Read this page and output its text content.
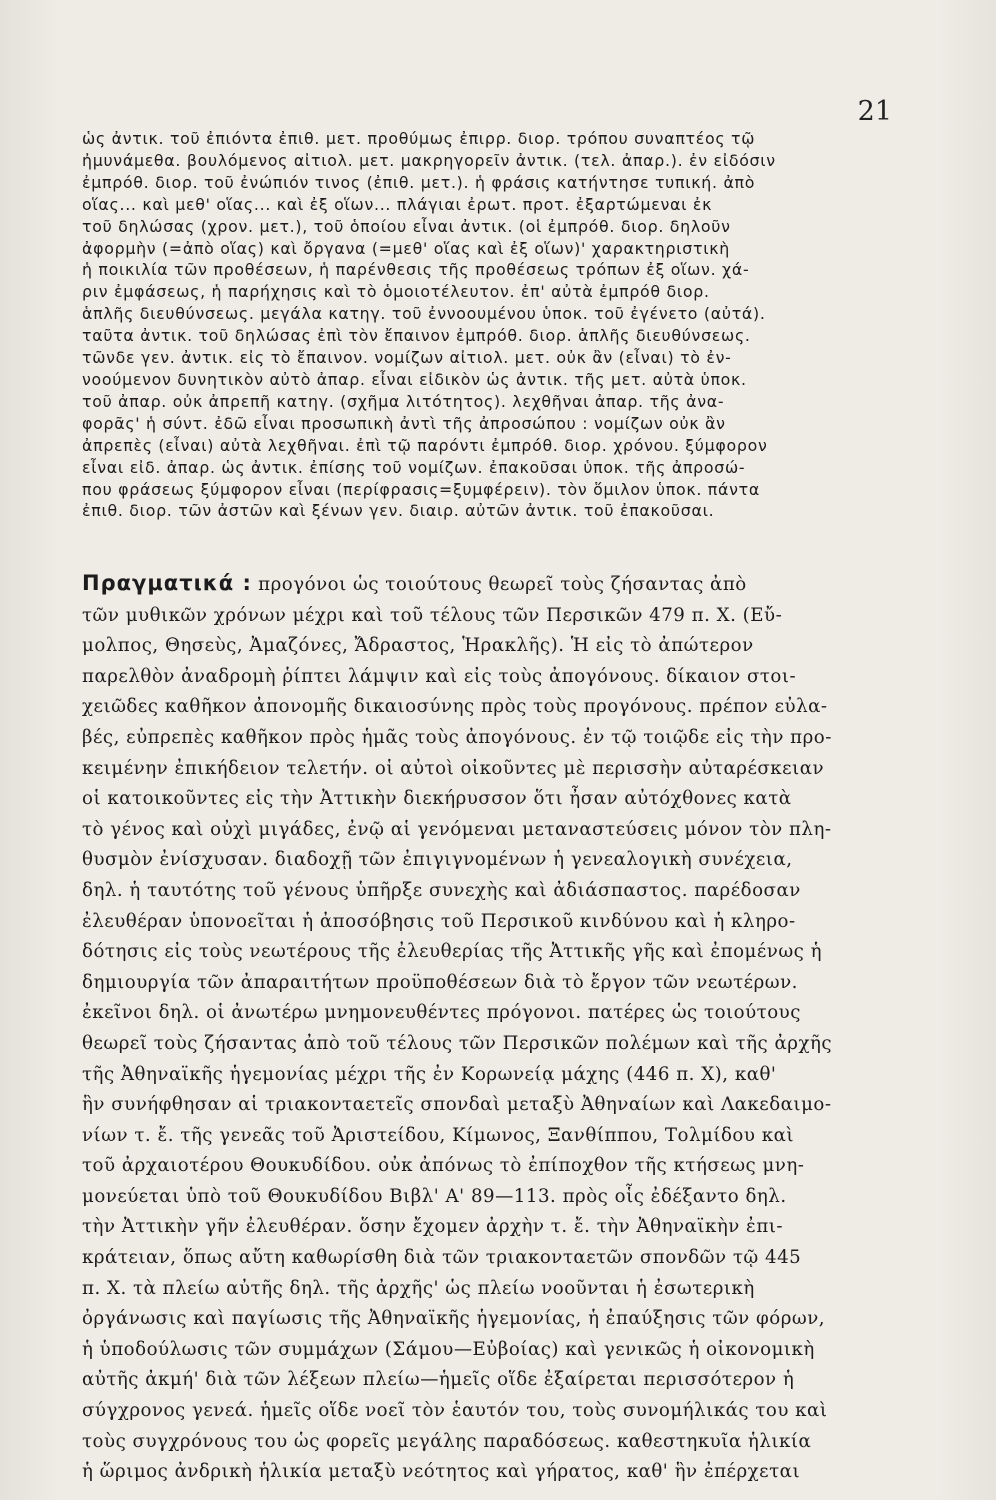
21

ὡς ἀντικ. τοῦ ἐπιόντα ἐπιθ. μετ. προθύμως ἐπιρρ. διορ. τρόπου συναπτέος τῷ

ἠμυνάμεθα. βουλόμενος αἰτιολ. μετ. μακρηγορεῖν ἀντικ. (τελ. ἀπαρ.). ἐν εἰδόσιν

ἐμπρόθ. διορ. τοῦ ἐνώπιόν τινος (ἐπιθ. μετ.). ἡ φράσις κατήντησε τυπική. ἀπὸ

οἵας... καὶ μεθ' οἵας... καὶ ἐξ οἵων... πλάγιαι ἐρωτ. προτ. ἐξαρτώμεναι ἐκ

τοῦ δηλώσας (χρον. μετ.), τοῦ ὁποίου εἶναι ἀντικ. (οἱ ἐμπρόθ. διορ. δηλοῦν

ἀφορμὴν (=ἀπὸ οἵας) καὶ ὄργανα (=μεθ' οἵας καὶ ἐξ οἵων)' χαρακτηριστικὴ

ἡ ποικιλία τῶν προθέσεων, ἡ παρένθεσις τῆς προθέσεως τρόπων ἐξ οἵων. χά-

ριν ἐμφάσεως, ἡ παρήχησις καὶ τὸ ὁμοιοτέλευτον. ἐπ' αὐτὰ ἐμπρόθ διορ.

ἁπλῆς διευθύνσεως. μεγάλα κατηγ. τοῦ ἐννοουμένου ὑποκ. τοῦ ἐγένετο (αὐτά).

ταῦτα ἀντικ. τοῦ δηλώσας ἐπὶ τὸν ἔπαινον ἐμπρόθ. διορ. ἁπλῆς διευθύνσεως.

τῶνδε γεν. ἀντικ. εἰς τὸ ἔπαινον. νομίζων αἰτιολ. μετ. οὐκ ἂν (εἶναι) τὸ ἐν-

νοούμενον δυνητικὸν αὐτὸ ἀπαρ. εἶναι εἰδικὸν ὡς ἀντικ. τῆς μετ. αὐτὰ ὑποκ.

τοῦ ἀπαρ. οὐκ ἀπρεπῆ κατηγ. (σχῆμα λιτότητος). λεχθῆναι ἀπαρ. τῆς ἀνα-

φορᾶς' ἡ σύντ. ἐδῶ εἶναι προσωπικὴ ἀντὶ τῆς ἀπροσώπου : νομίζων οὐκ ἂν

ἀπρεπὲς (εἶναι) αὐτὰ λεχθῆναι. ἐπὶ τῷ παρόντι ἐμπρόθ. διορ. χρόνου. ξύμφορον

εἶναι εἰδ. ἀπαρ. ὡς ἀντικ. ἐπίσης τοῦ νομίζων. ἐπακοῦσαι ὑποκ. τῆς ἀπροσώ-

που φράσεως ξύμφορον εἶναι (περίφρασις=ξυμφέρειν). τὸν ὅμιλον ὑποκ. πάντα

ἐπιθ. διορ. τῶν ἀστῶν καὶ ξένων γεν. διαιρ. αὐτῶν ἀντικ. τοῦ ἐπακοῦσαι.

Πραγματικά : προγόνοι ὡς τοιούτους θεωρεῖ τοὺς ζήσαντας ἀπὸ

τῶν μυθικῶν χρόνων μέχρι καὶ τοῦ τέλους τῶν Περσικῶν 479 π. Χ. (Εὔ-

μολπος, Θησεὺς, Ἀμαζόνες, Ἄδραστος, Ἡρακλῆς). Ἡ εἰς τὸ ἀπώτερον

παρελθὸν ἀναδρομὴ ῥίπτει λάμψιν καὶ εἰς τοὺς ἀπογόνους. δίκαιον στοι-

χειῶδες καθῆκον ἀπονομῆς δικαιοσύνης πρὸς τοὺς προγόνους. πρέπον εὐλα-

βές, εὐπρεπὲς καθῆκον πρὸς ἡμᾶς τοὺς ἀπογόνους. ἐν τῷ τοιῷδε εἰς τὴν προ-

κειμένην ἐπικήδειον τελετήν. οἱ αὐτοὶ οἰκοῦντες μὲ περισσὴν αὐταρέσκειαν

οἱ κατοικοῦντες εἰς τὴν Ἀττικὴν διεκήρυσσον ὅτι ἦσαν αὐτόχθονες κατὰ

τὸ γένος καὶ οὐχὶ μιγάδες, ἐνῷ αἱ γενόμεναι μεταναστεύσεις μόνον τὸν πλη-

θυσμὸν ἐνίσχυσαν. διαδοχῇ τῶν ἐπιγιγνομένων ἡ γενεαλογικὴ συνέχεια,

δηλ. ἡ ταυτότης τοῦ γένους ὑπῆρξε συνεχὴς καὶ ἀδιάσπαστος. παρέδοσαν

ἐλευθέραν ὑπονοεῖται ἡ ἀποσόβησις τοῦ Περσικοῦ κινδύνου καὶ ἡ κληρο-

δότησις εἰς τοὺς νεωτέρους τῆς ἐλευθερίας τῆς Ἀττικῆς γῆς καὶ ἐπομένως ἡ

δημιουργία τῶν ἀπαραιτήτων προϋποθέσεων διὰ τὸ ἔργον τῶν νεωτέρων.

ἐκεῖνοι δηλ. οἱ ἀνωτέρω μνημονευθέντες πρόγονοι. πατέρες ὡς τοιούτους

θεωρεῖ τοὺς ζήσαντας ἀπὸ τοῦ τέλους τῶν Περσικῶν πολέμων καὶ τῆς ἀρχῆς

τῆς Ἀθηναϊκῆς ἡγεμονίας μέχρι τῆς ἐν Κορωνείᾳ μάχης (446 π. Χ), καθ'

ἣν συνήφθησαν αἱ τριακονταετεῖς σπονδαὶ μεταξὺ Ἀθηναίων καὶ Λακεδαιμο-

νίων τ. ἔ. τῆς γενεᾶς τοῦ Ἀριστείδου, Κίμωνος, Ξανθίππου, Τολμίδου καὶ

τοῦ ἀρχαιοτέρου Θουκυδίδου. οὐκ ἀπόνως τὸ ἐπίποχθον τῆς κτήσεως μνη-

μονεύεται ὑπὸ τοῦ Θουκυδίδου Βιβλ' Α' 89—113. πρὸς οἷς ἐδέξαντο δηλ.

τὴν Ἀττικὴν γῆν ἐλευθέραν. ὅσην ἔχομεν ἀρχὴν τ. ἔ. τὴν Ἀθηναϊκὴν ἐπι-

κράτειαν, ὅπως αὔτη καθωρίσθη διὰ τῶν τριακονταετῶν σπονδῶν τῷ 445

π. Χ. τὰ πλείω αὐτῆς δηλ. τῆς ἀρχῆς' ὡς πλείω νοοῦνται ἡ ἐσωτερικὴ

ὀργάνωσις καὶ παγίωσις τῆς Ἀθηναϊκῆς ἡγεμονίας, ἡ ἐπαύξησις τῶν φόρων,

ἡ ὑποδούλωσις τῶν συμμάχων (Σάμου—Εὐβοίας) καὶ γενικῶς ἡ οἰκονομικὴ

αὐτῆς ἀκμή' διὰ τῶν λέξεων πλείω—ἡμεῖς οἵδε ἐξαίρεται περισσότερον ἡ

σύγχρονος γενεά. ἡμεῖς οἵδε νοεῖ τὸν ἑαυτόν του, τοὺς συνομήλικάς του καὶ

τοὺς συγχρόνους του ὡς φορεῖς μεγάλης παραδόσεως. καθεστηκυῖα ἡλικία

ἡ ὥριμος ἀνδρικὴ ἡλικία μεταξὺ νεότητος καὶ γήρατος, καθ' ἣν ἐπέρχεται
